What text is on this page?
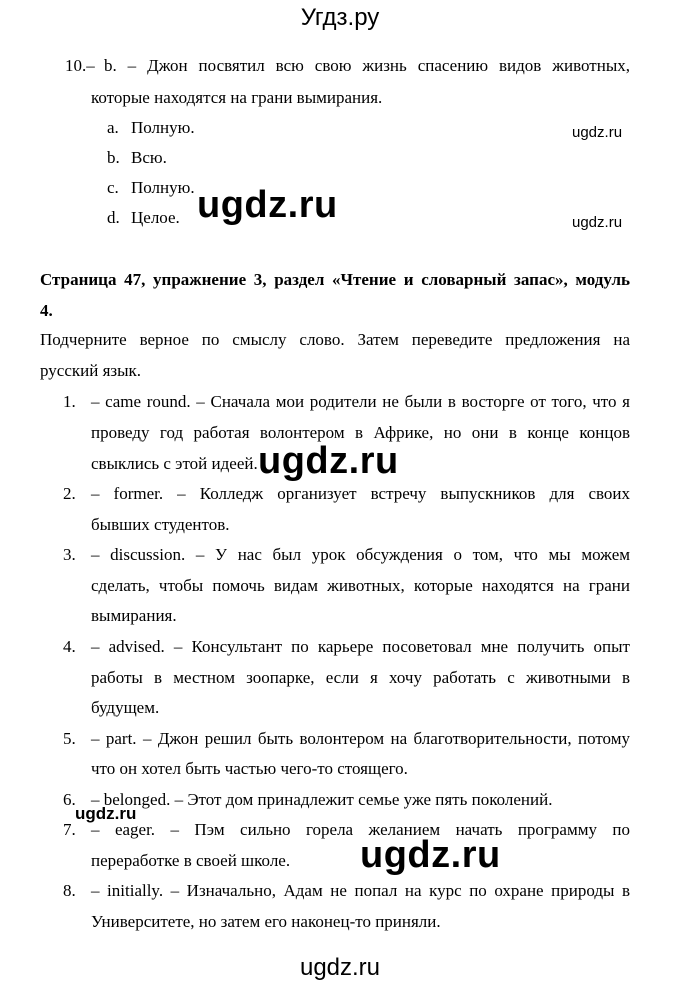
Угдз.ру
10.– b. – Джон посвятил всю свою жизнь спасению видов животных,
которые находятся на грани вымирания.
a. Полную.
b. Всю.
c. Полную.
d. Целое.
Страница 47, упражнение 3, раздел «Чтение и словарный запас», модуль
4.
Подчерните верное по смыслу слово. Затем переведите предложения на
русский язык.
1. – came round. – Сначала мои родители не были в восторге от того, что я
проведу год работая волонтером в Африке, но они в конце концов
свыклись с этой идеей.
2. – former. – Колледж организует встречу выпускников для своих
бывших студентов.
3. – discussion. – У нас был урок обсуждения о том, что мы можем
сделать, чтобы помочь видам животных, которые находятся на грани
вымирания.
4. – advised. – Консультант по карьере посоветовал мне получить опыт
работы в местном зоопарке, если я хочу работать с животными в
будущем.
5. – part. – Джон решил быть волонтером на благотворительности, потому
что он хотел быть частью чего-то стоящего.
6. – belonged. – Этот дом принадлежит семье уже пять поколений.
7. – eager. – Пэм сильно горела желанием начать программу по
переработке в своей школе.
8. – initially. – Изначально, Адам не попал на курс по охране природы в
Университете, но затем его наконец-то приняли.
ugdz.ru
ugdz.ru	ugdz.ru
ugdz.ru
ugdz.ru
ugdz.ru
ugdz.ru
